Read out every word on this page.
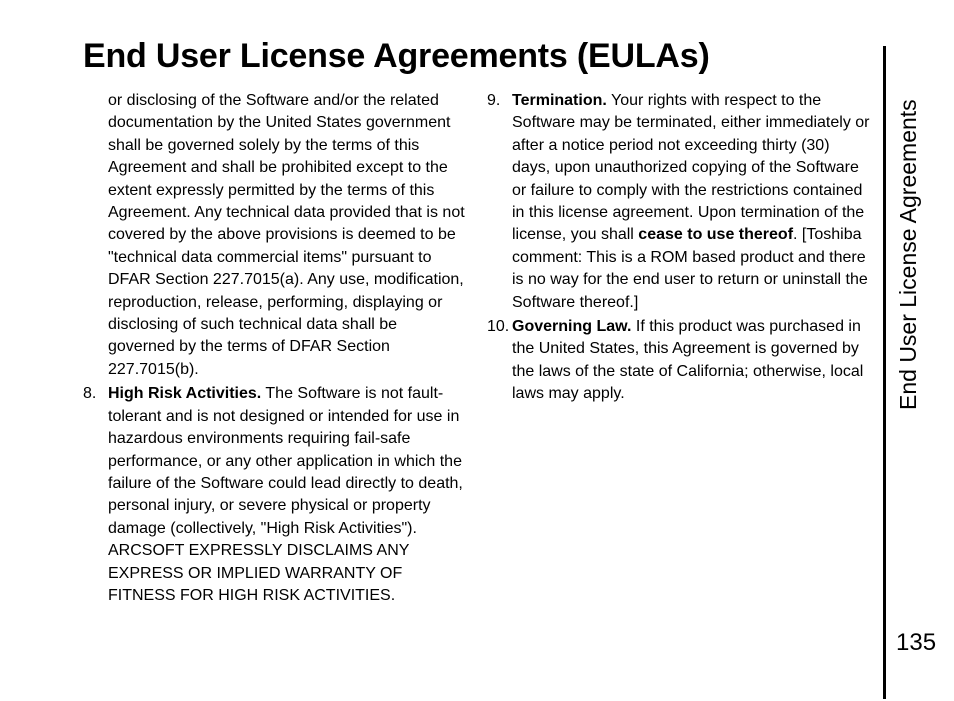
End User License Agreements (EULAs)

or disclosing of the Software and/or the related documentation by the United States government shall be governed solely by the terms of this Agreement and shall be prohibited except to the extent expressly permitted by the terms of this Agreement. Any technical data provided that is not covered by the above provisions is deemed to be "technical data commercial items" pursuant to DFAR Section 227.7015(a). Any use, modification, reproduction, release, performing, displaying or disclosing of such technical data shall be governed by the terms of DFAR Section 227.7015(b).

8. High Risk Activities. The Software is not fault-tolerant and is not designed or intended for use in hazardous environments requiring fail-safe performance, or any other application in which the failure of the Software could lead directly to death, personal injury, or severe physical or property damage (collectively, "High Risk Activities"). ARCSOFT EXPRESSLY DISCLAIMS ANY EXPRESS OR IMPLIED WARRANTY OF FITNESS FOR HIGH RISK ACTIVITIES.

9. Termination. Your rights with respect to the Software may be terminated, either immediately or after a notice period not exceeding thirty (30) days, upon unauthorized copying of the Software or failure to comply with the restrictions contained in this license agreement. Upon termination of the license, you shall cease to use thereof. [Toshiba comment: This is a ROM based product and there is no way for the end user to return or uninstall the Software thereof.]

10. Governing Law. If this product was purchased in the United States, this Agreement is governed by the laws of the state of California; otherwise, local laws may apply.	End User License Agreements
135
